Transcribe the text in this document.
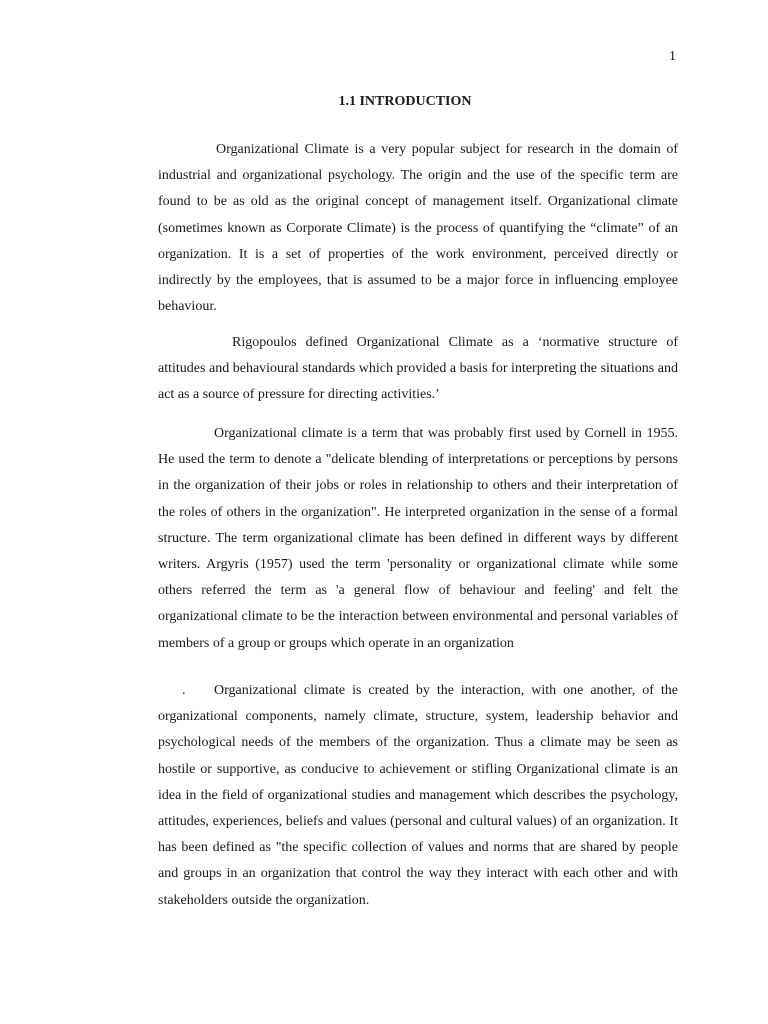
1
1.1 INTRODUCTION

Organizational Climate is a very popular subject for research in the domain of industrial and organizational psychology. The origin and the use of the specific term are found to be as old as the original concept of management itself. Organizational climate (sometimes known as Corporate Climate) is the process of quantifying the “climate” of an organization. It is a set of properties of the work environment, perceived directly or indirectly by the employees, that is assumed to be a major force in influencing employee behaviour.

Rigopoulos defined Organizational Climate as a ‘normative structure of attitudes and behavioural standards which provided a basis for interpreting the situations and act as a source of pressure for directing activities.’

Organizational climate is a term that was probably first used by Cornell in 1955. He used the term to denote a "delicate blending of interpretations or perceptions by persons in the organization of their jobs or roles in relationship to others and their interpretation of the roles of others in the organization". He interpreted organization in the sense of a formal structure. The term organizational climate has been defined in different ways by different writers. Argyris (1957) used the term 'personality or organizational climate while some others referred the term as 'a general flow of behaviour and feeling' and felt the organizational climate to be the interaction between environmental and personal variables of members of a group or groups which operate in an organization

. Organizational climate is created by the interaction, with one another, of the organizational components, namely climate, structure, system, leadership behavior and psychological needs of the members of the organization. Thus a climate may be seen as hostile or supportive, as conducive to achievement or stifling Organizational climate is an idea in the field of organizational studies and management which describes the psychology, attitudes, experiences, beliefs and values (personal and cultural values) of an organization. It has been defined as "the specific collection of values and norms that are shared by people and groups in an organization that control the way they interact with each other and with stakeholders outside the organization.
